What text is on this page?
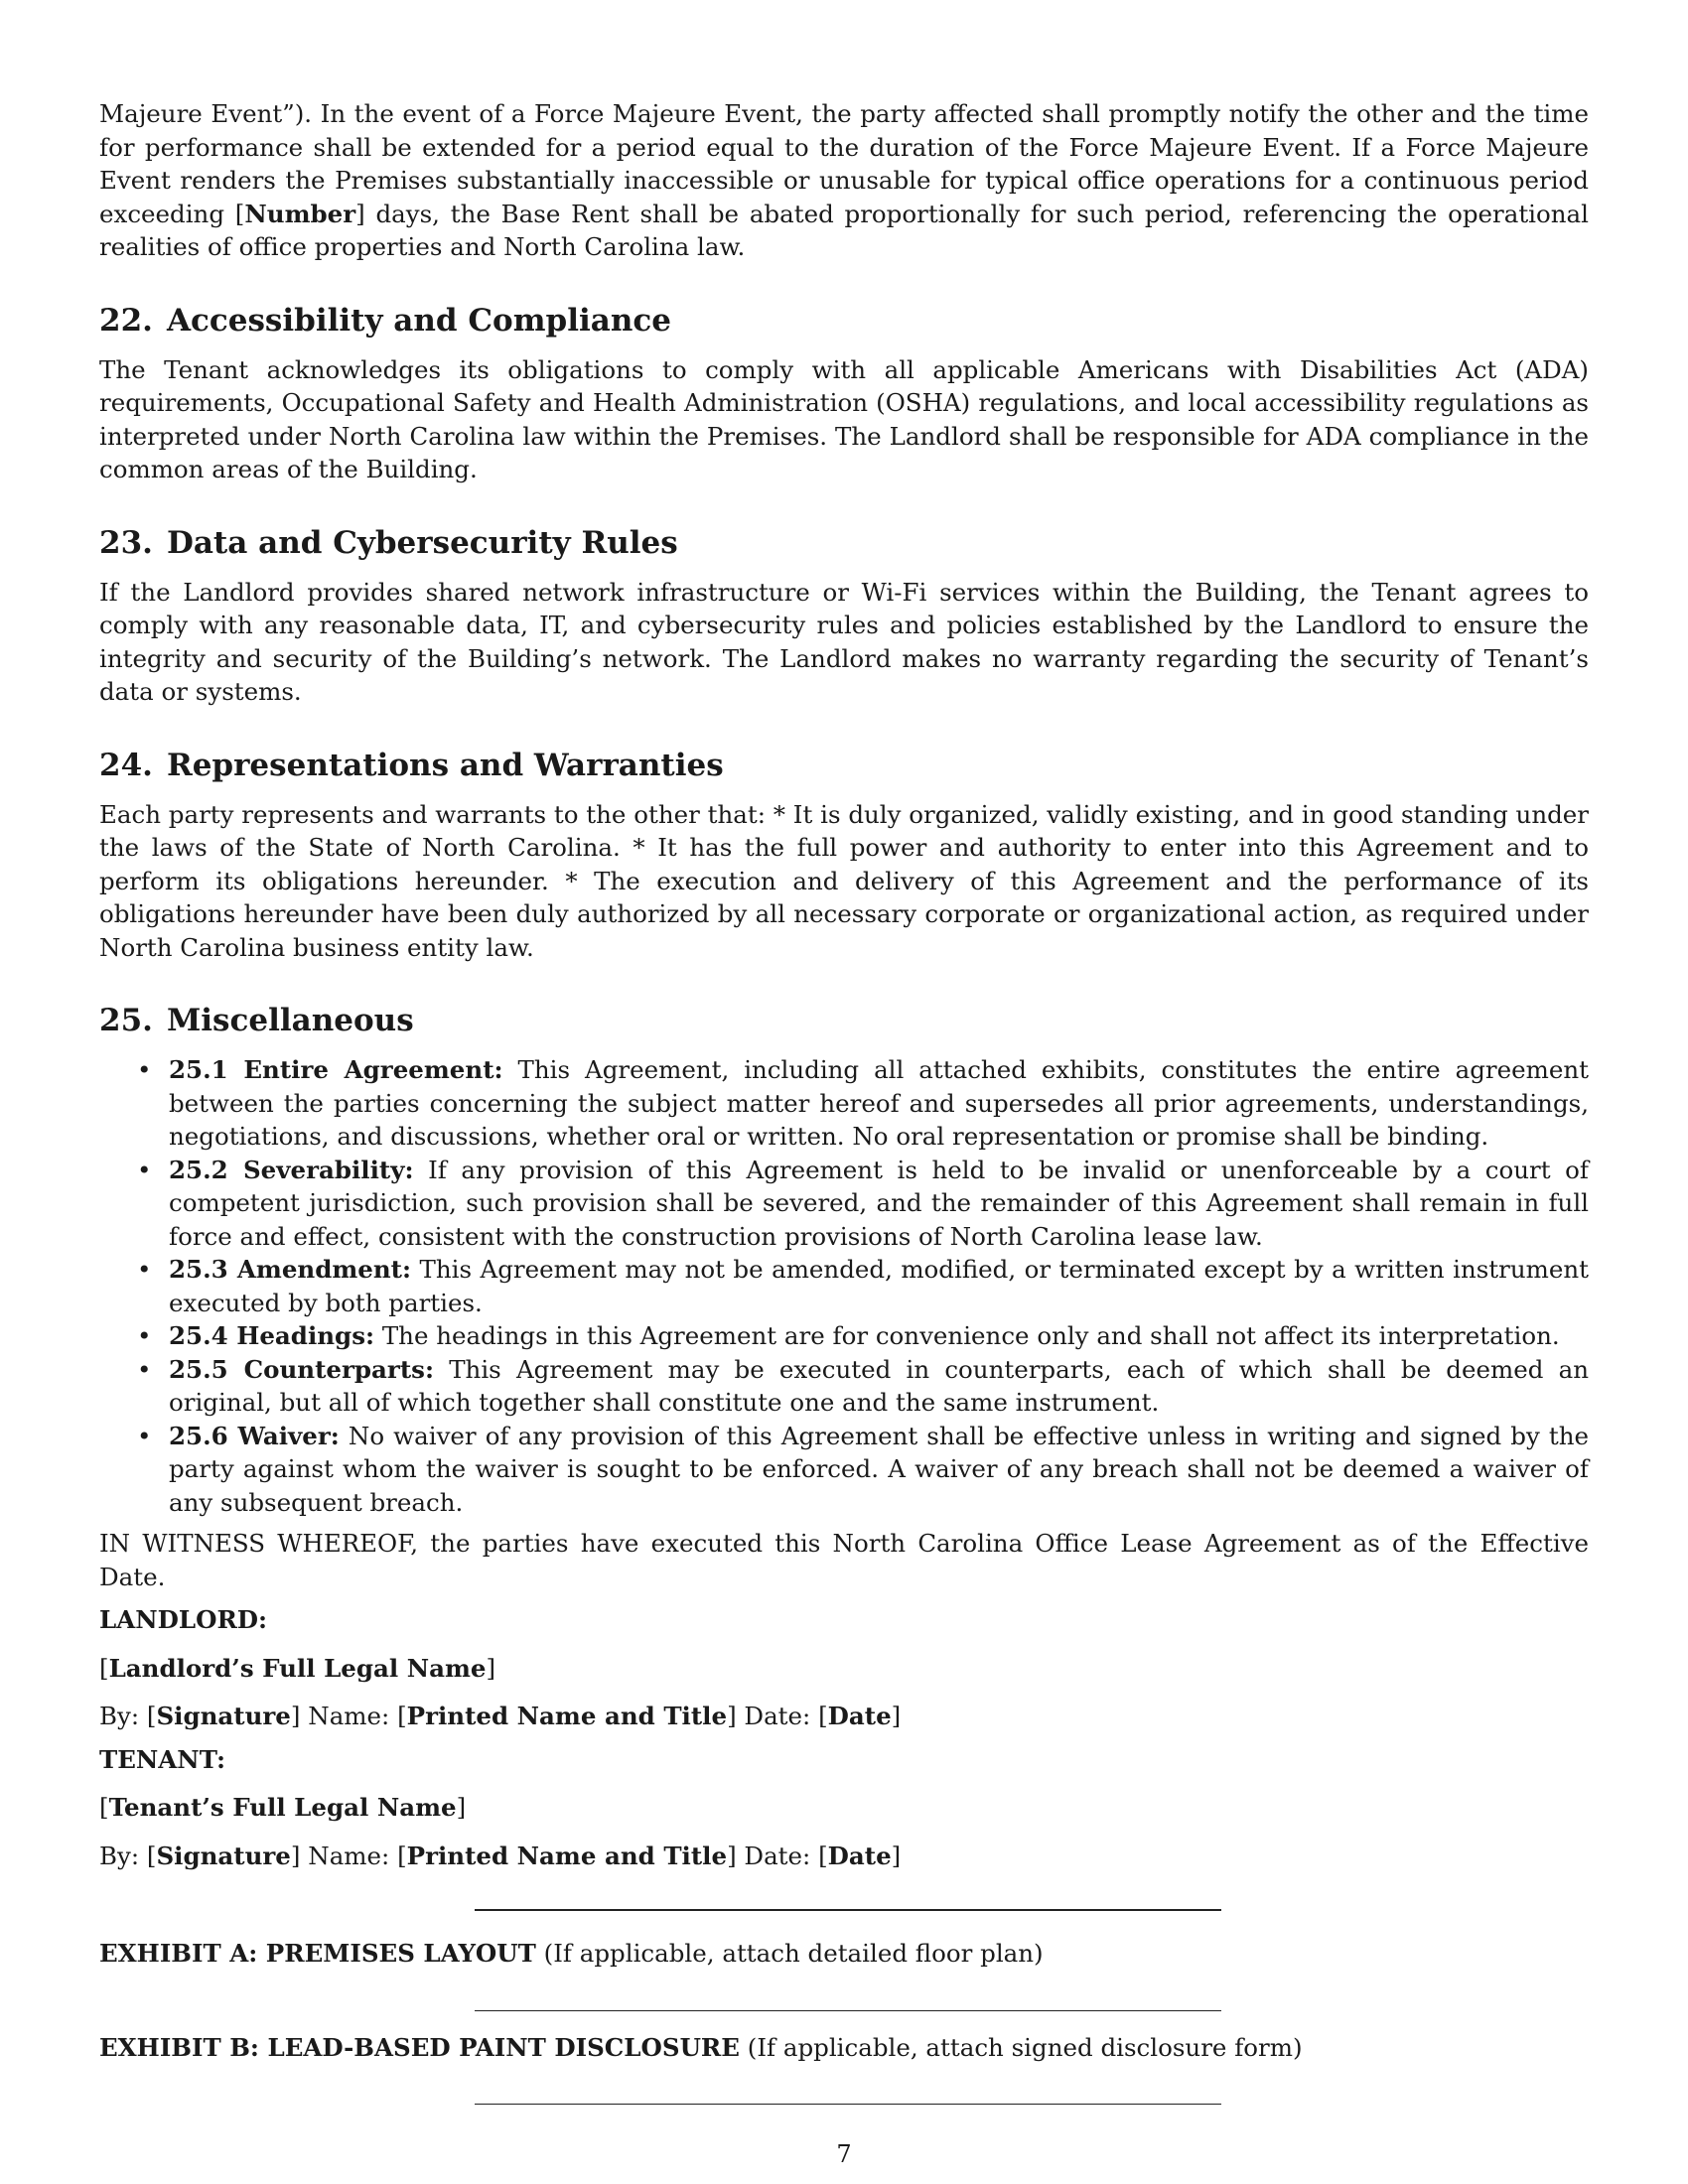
Majeure Event”). In the event of a Force Majeure Event, the party affected shall promptly notify the other and the time for performance shall be extended for a period equal to the duration of the Force Majeure Event. If a Force Majeure Event renders the Premises substantially inaccessible or unusable for typical office operations for a continuous period exceeding [Number] days, the Base Rent shall be abated proportionally for such period, referencing the operational realities of office properties and North Carolina law.

22. Accessibility and Compliance

The Tenant acknowledges its obligations to comply with all applicable Americans with Disabilities Act (ADA) requirements, Occupational Safety and Health Administration (OSHA) regulations, and local accessibility regulations as interpreted under North Carolina law within the Premises. The Landlord shall be responsible for ADA compliance in the common areas of the Building.

23. Data and Cybersecurity Rules

If the Landlord provides shared network infrastructure or Wi-Fi services within the Building, the Tenant agrees to comply with any reasonable data, IT, and cybersecurity rules and policies established by the Landlord to ensure the integrity and security of the Building’s network. The Landlord makes no warranty regarding the security of Tenant’s data or systems.

24. Representations and Warranties

Each party represents and warrants to the other that: * It is duly organized, validly existing, and in good standing under the laws of the State of North Carolina. * It has the full power and authority to enter into this Agreement and to perform its obligations hereunder. * The execution and delivery of this Agreement and the performance of its obligations hereunder have been duly authorized by all necessary corporate or organizational action, as required under North Carolina business entity law.

25. Miscellaneous
• 25.1 Entire Agreement: This Agreement, including all attached exhibits, constitutes the entire agreement between the parties concerning the subject matter hereof and supersedes all prior agreements, understandings, negotiations, and discussions, whether oral or written. No oral representation or promise shall be binding.
• 25.2 Severability: If any provision of this Agreement is held to be invalid or unenforceable by a court of competent jurisdiction, such provision shall be severed, and the remainder of this Agreement shall remain in full force and effect, consistent with the construction provisions of North Carolina lease law.
• 25.3 Amendment: This Agreement may not be amended, modified, or terminated except by a written instrument executed by both parties.
• 25.4 Headings: The headings in this Agreement are for convenience only and shall not affect its interpretation.
• 25.5 Counterparts: This Agreement may be executed in counterparts, each of which shall be deemed an original, but all of which together shall constitute one and the same instrument.
• 25.6 Waiver: No waiver of any provision of this Agreement shall be effective unless in writing and signed by the party against whom the waiver is sought to be enforced. A waiver of any breach shall not be deemed a waiver of any subsequent breach.

IN WITNESS WHEREOF, the parties have executed this North Carolina Office Lease Agreement as of the Effective Date.

LANDLORD:

[Landlord’s Full Legal Name]

By: [Signature] Name: [Printed Name and Title] Date: [Date]

TENANT:

[Tenant’s Full Legal Name]

By: [Signature] Name: [Printed Name and Title] Date: [Date]

EXHIBIT A: PREMISES LAYOUT (If applicable, attach detailed floor plan)

EXHIBIT B: LEAD-BASED PAINT DISCLOSURE (If applicable, attach signed disclosure form)

7
